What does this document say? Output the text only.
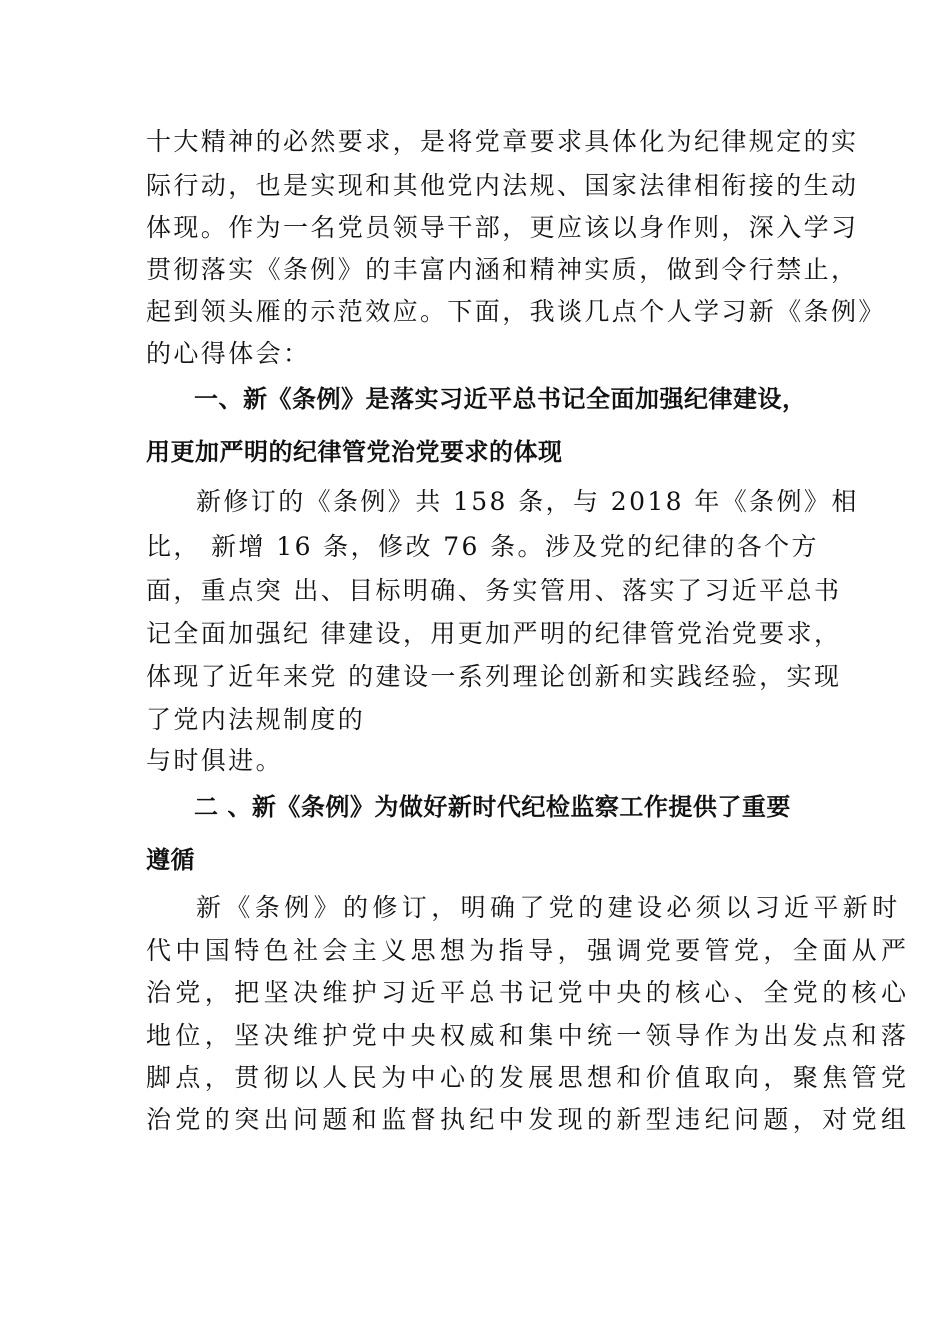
十大精神的必然要求，是将党章要求具体化为纪律规定的实
际行动，也是实现和其他党内法规、国家法律相衔接的生动
体现。作为一名党员领导干部，更应该以身作则，深入学习
贯彻落实《条例》的丰富内涵和精神实质，做到令行禁止，
起到领头雁的示范效应。下面，我谈几点个人学习新《条例》
的心得体会：
一、新《条例》是落实习近平总书记全面加强纪律建设，
用更加严明的纪律管党治党要求的体现
新修订的《条例》共 158 条，与 2018 年《条例》相
比， 新增 16 条，修改 76 条。涉及党的纪律的各个方
面，重点突 出、目标明确、务实管用、落实了习近平总书
记全面加强纪 律建设，用更加严明的纪律管党治党要求，
体现了近年来党 的建设一系列理论创新和实践经验，实现
了党内法规制度的
与时俱进。
二 、新《条例》为做好新时代纪检监察工作提供了重要
遵循
新《条例》的修订，明确了党的建设必须以习近平新时
代中国特色社会主义思想为指导，强调党要管党，全面从严
治党，把坚决维护习近平总书记党中央的核心、全党的核心
地位，坚决维护党中央权威和集中统一领导作为出发点和落
脚点，贯彻以人民为中心的发展思想和价值取向，聚焦管党
治党的突出问题和监督执纪中发现的新型违纪问题，对党组
